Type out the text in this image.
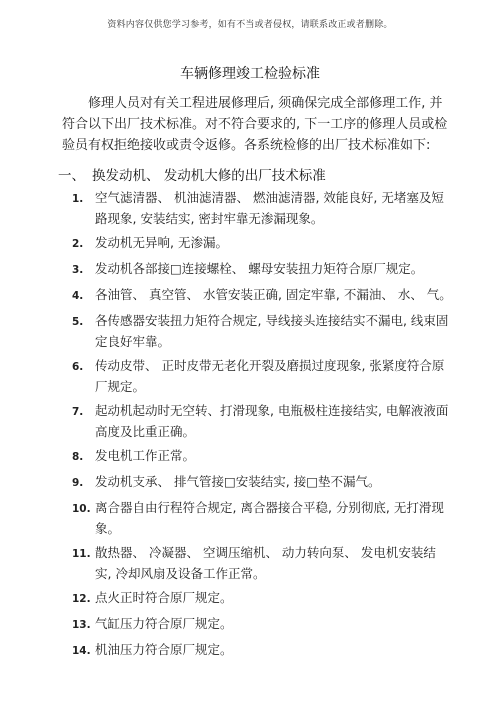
资料内容仅供您学习参考，如有不当或者侵权，请联系改正或者删除。
车辆修理竣工检验标准
修理人员对有关工程进展修理后, 须确保完成全部修理工作, 并符合以下出厂技术标准。对不符合要求的, 下一工序的修理人员或检验员有权拒绝接收或责令返修。各系统检修的出厂技术标准如下:
一、 换发动机、 发动机大修的出厂技术标准
1. 空气滤清器、 机油滤清器、 燃油滤清器, 效能良好, 无堵塞及短路现象, 安装结实, 密封牢靠无渗漏现象。
2. 发动机无异响, 无渗漏。
3. 发动机各部接□连接螺栓、 螺母安装扭力矩符合原厂规定。
4. 各油管、 真空管、 水管安装正确, 固定牢靠, 不漏油、 水、 气。
5. 各传感器安装扭力矩符合规定, 导线接头连接结实不漏电, 线束固定良好牢靠。
6. 传动皮带、 正时皮带无老化开裂及磨损过度现象, 张紧度符合原厂规定。
7. 起动机起动时无空转、打滑现象, 电瓶极柱连接结实, 电解液液面高度及比重正确。
8. 发电机工作正常。
9. 发动机支承、 排气管接□安装结实, 接□垫不漏气。
10. 离合器自由行程符合规定, 离合器接合平稳, 分别彻底, 无打滑现象。
11. 散热器、 冷凝器、 空调压缩机、 动力转向泵、 发电机安装结实, 冷却风扇及设备工作正常。
12. 点火正时符合原厂规定。
13. 气缸压力符合原厂规定。
14. 机油压力符合原厂规定。
